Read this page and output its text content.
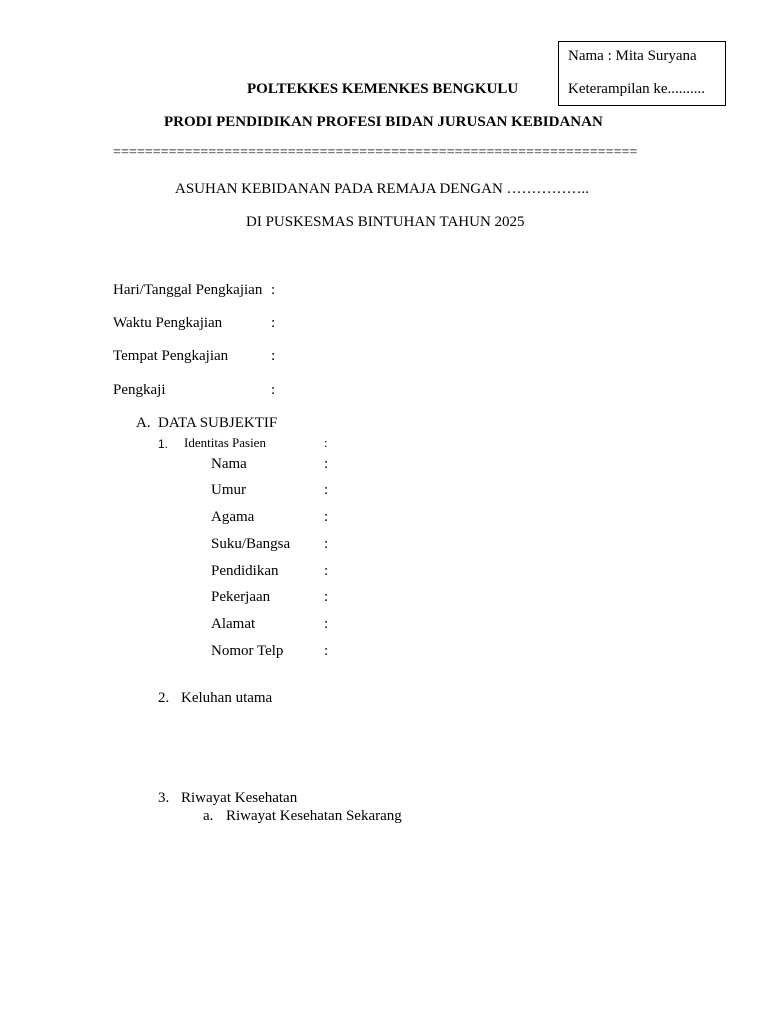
Nama : Mita Suryana
Keterampilan ke..........
POLTEKKES KEMENKES BENGKULU
PRODI PENDIDIKAN PROFESI BIDAN JURUSAN KEBIDANAN
==================================================================
ASUHAN KEBIDANAN PADA REMAJA DENGAN ……………..
DI PUSKESMAS BINTUHAN TAHUN 2025
Hari/Tanggal Pengkajian :
Waktu Pengkajian	:
Tempat Pengkajian	:
Pengkaji	:
A. DATA SUBJEKTIF
1. Identitas Pasien	:
Nama	:
Umur	:
Agama	:
Suku/Bangsa :
Pendidikan	:
Pekerjaan	:
Alamat	:
Nomor Telp	:
2. Keluhan utama
3. Riwayat Kesehatan
a. Riwayat Kesehatan Sekarang
